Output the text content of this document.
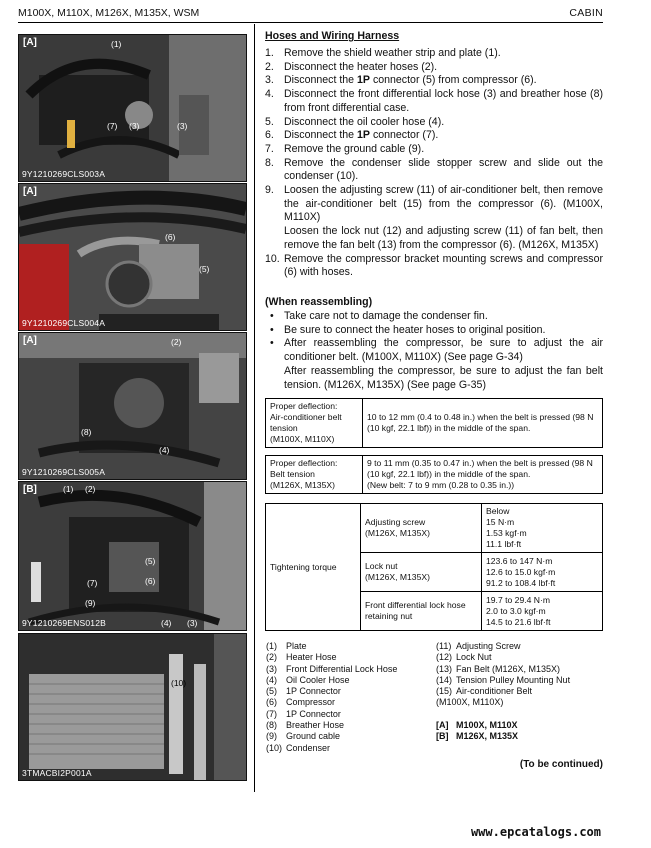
M100X, M110X, M126X, M135X, WSM	CABIN
[A]	(1)
(7) (3)	(3)
9Y1210269CLS003A
[A]
(6)
(5)
9Y1210269CLS004A
[A]	(2)
(8)
(4)
9Y1210269CLS005A
[B]	(1) (2)
(5)
(6)
(7)
(9)
(4) (3)
9Y1210269ENS012B
(10)
3TMACBI2P001A
Hoses and Wiring Harness
1. Remove the shield weather strip and plate (1).
2. Disconnect the heater hoses (2).
3. Disconnect the 1P connector (5) from compressor (6).
4. Disconnect the front differential lock hose (3) and breather hose (8) from front differential case.
5. Disconnect the oil cooler hose (4).
6. Disconnect the 1P connector (7).
7. Remove the ground cable (9).
8. Remove the condenser slide stopper screw and slide out the condenser (10).
9. Loosen the adjusting screw (11) of air-conditioner belt, then remove the air-conditioner belt (15) from the compressor (6). (M100X, M110X)
Loosen the lock nut (12) and adjusting screw (11) of fan belt, then remove the fan belt (13) from the compressor (6). (M126X, M135X)
10. Remove the compressor bracket mounting screws and compressor (6) with hoses.
(When reassembling)
• Take care not to damage the condenser fin.
• Be sure to connect the heater hoses to original position.
• After reassembling the compressor, be sure to adjust the air conditioner belt. (M100X, M110X) (See page G-34)
After reassembling the compressor, be sure to adjust the fan belt tension. (M126X, M135X) (See page G-35)
Proper deflection:
Air-conditioner belt tension
(M100X, M110X)	10 to 12 mm (0.4 to 0.48 in.) when the belt is pressed (98 N (10 kgf, 22.1 lbf)) in the middle of the span.
Proper deflection:
Belt tension
(M126X, M135X)	9 to 11 mm (0.35 to 0.47 in.) when the belt is pressed (98 N (10 kgf, 22.1 lbf)) in the middle of the span.
(New belt: 7 to 9 mm (0.28 to 0.35 in.))
Tightening torque	Adjusting screw
(M126X, M135X)	Below
15 N·m
1.53 kgf·m
11.1 lbf·ft
	Lock nut
(M126X, M135X)	123.6 to 147 N·m
12.6 to 15.0 kgf·m
91.2 to 108.4 lbf·ft
	Front differential lock hose retaining nut	19.7 to 29.4 N·m
2.0 to 3.0 kgf·m
14.5 to 21.6 lbf·ft
(1) Plate
(2) Heater Hose
(3) Front Differential Lock Hose
(4) Oil Cooler Hose
(5) 1P Connector
(6) Compressor
(7) 1P Connector
(8) Breather Hose
(9) Ground cable
(10) Condenser
(11) Adjusting Screw
(12) Lock Nut
(13) Fan Belt (M126X, M135X)
(14) Tension Pulley Mounting Nut
(15) Air-conditioner Belt
(M100X, M110X)
[A] M100X, M110X
[B] M126X, M135X
(To be continued)
www.epcatalogs.com
